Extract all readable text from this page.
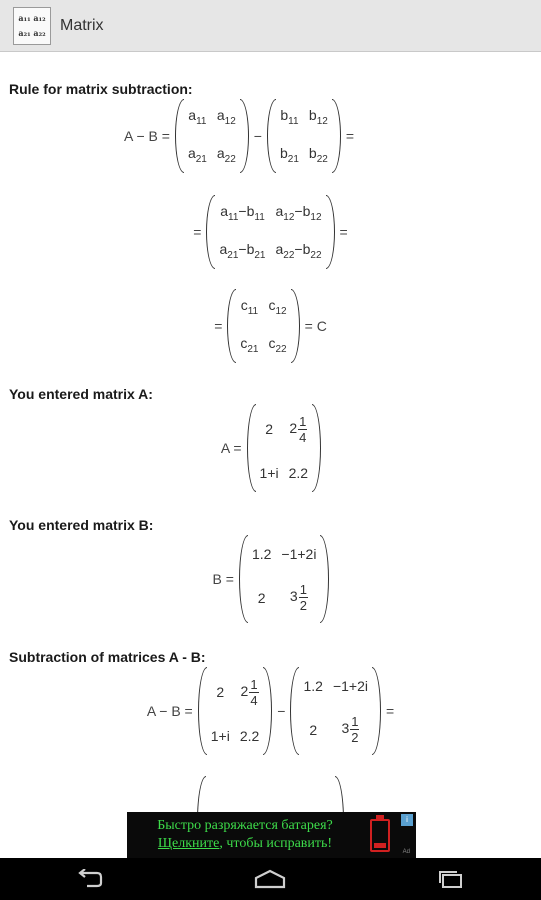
a₁₁ a₁₂
a₂₁ a₂₂ Matrix
Rule for matrix subtraction:
A − B =
$a_{11}$ $a_{12}$
$a_{21}$ $a_{22}$
−
$b_{11}$ $b_{12}$
$b_{21}$ $b_{22}$
=
=
$a_{11}-b_{11}$ $a_{12}-b_{12}$
$a_{21}-b_{21}$ $a_{22}-b_{22}$
=
=
$c_{11}$ $c_{12}$
$c_{21}$ $c_{22}$
= C
You entered matrix A:
A =
2	$2 \frac{1}{4}$
1+i 2.2
You entered matrix B:
B =
1.2 −1+2i
2	$3 \frac{1}{2}$
Subtraction of matrices A - B:
A − B =
2	$2 \frac{1}{4}$
1+i 2.2
−
1.2 −1+2i
2	$3 \frac{1}{2}$
=
Быстро разряжается батарея?
Щелкните, чтобы исправить!
i
Ad
